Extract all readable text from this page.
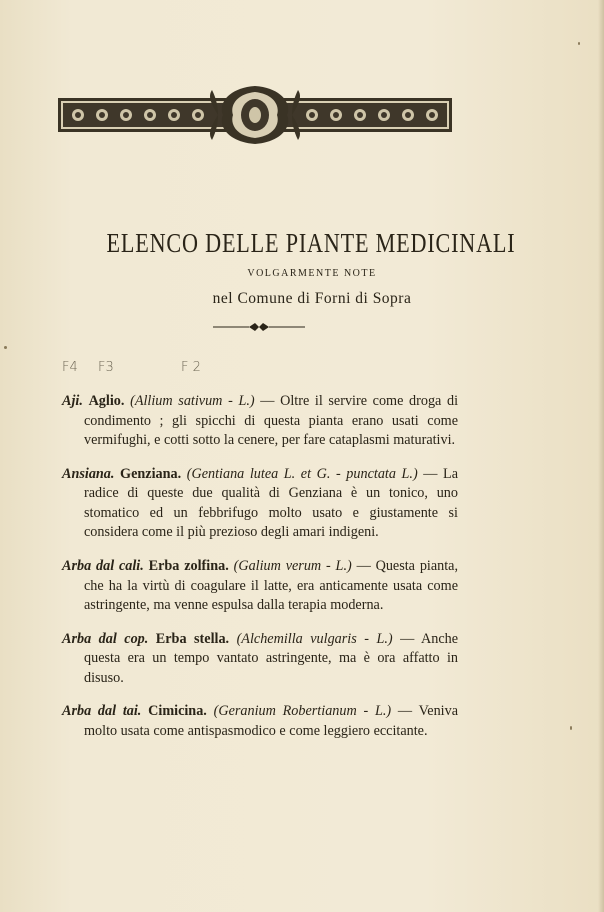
ELENCO DELLE PIANTE MEDICINALI
VOLGARMENTE NOTE
nel Comune di Forni di Sopra
F4 F3	F 2

Aji. Aglio. (Allium sativum - L.) — Oltre il servire come droga di condimento ; gli spicchi di questa pianta erano usati come vermifughi, e cotti sotto la cenere, per fare cataplasmi maturativi.

Ansiana. Genziana. (Gentiana lutea L. et G. - punctata L.) — La radice di queste due qualità di Genziana è un tonico, uno stomatico ed un febbrifugo molto usato e giustamente si considera come il più prezioso degli amari indigeni.

Arba dal cali. Erba zolfina. (Galium verum - L.) — Questa pianta, che ha la virtù di coagulare il latte, era anticamente usata come astringente, ma venne espulsa dalla terapia moderna.

Arba dal cop. Erba stella. (Alchemilla vulgaris - L.) — Anche questa era un tempo vantato astringente, ma è ora affatto in disuso.

Arba dal tai. Cimicina. (Geranium Robertianum - L.) — Veniva molto usata come antispasmodico e come leggiero eccitante.
